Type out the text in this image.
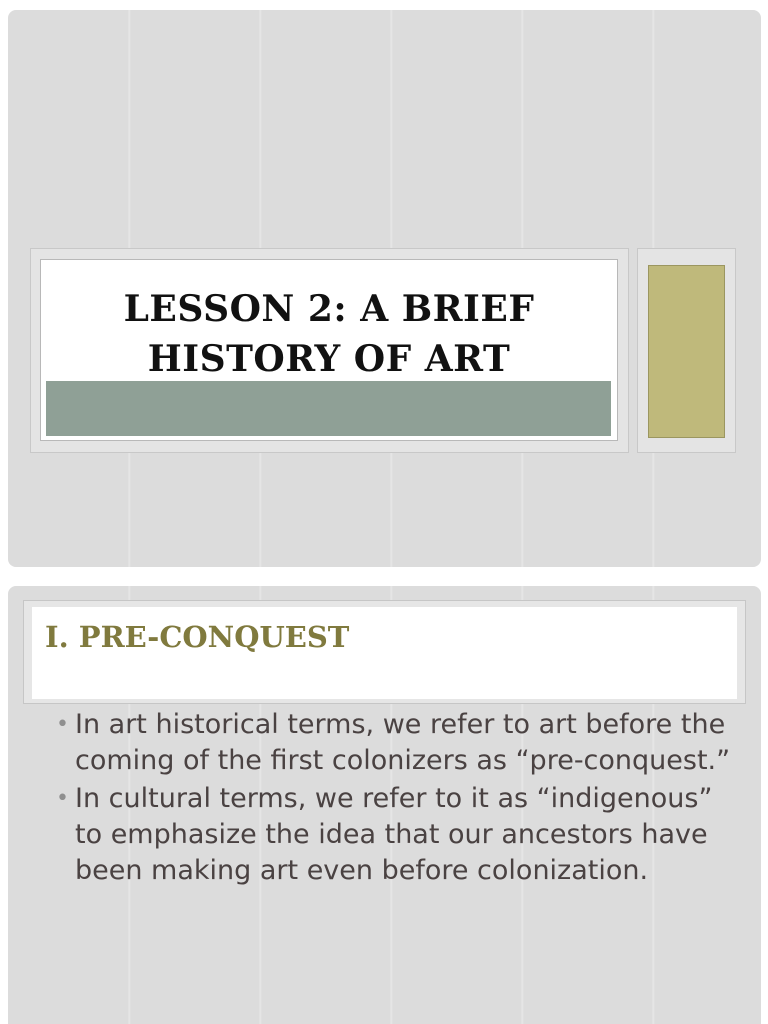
LESSON 2: A BRIEF HISTORY OF ART
I. PRE-CONQUEST
• In art historical terms, we refer to art before the coming of the first colonizers as “pre-conquest.”
• In cultural terms, we refer to it as “indigenous” to emphasize the idea that our ancestors have been making art even before colonization.
